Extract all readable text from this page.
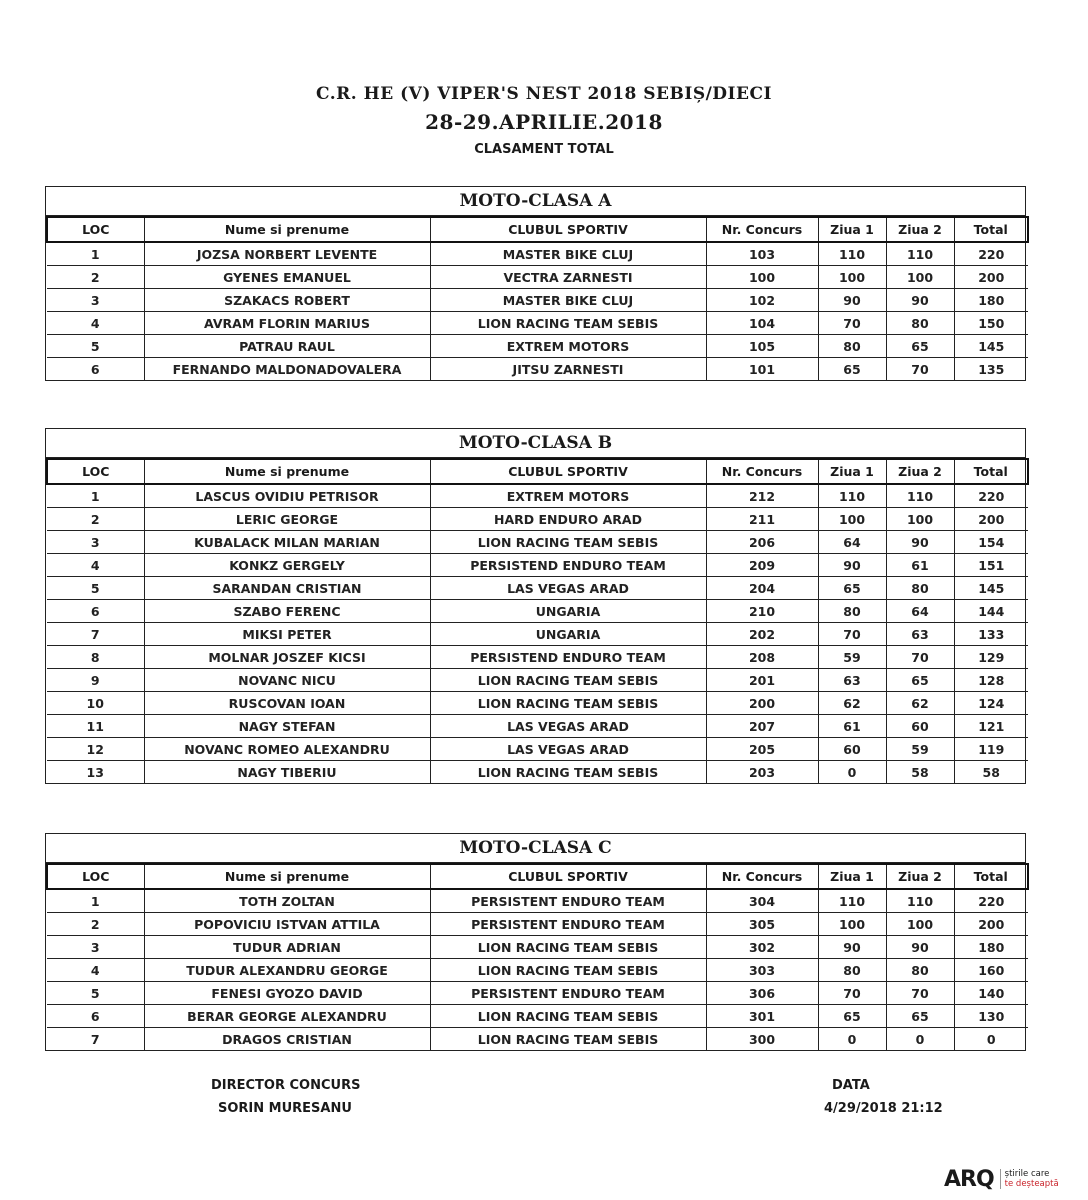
C.R. HE (V) VIPER'S NEST 2018 SEBIȘ/DIECI
28-29.APRILIE.2018
CLASAMENT TOTAL
MOTO-CLASA A
LOC	Nume si prenume	CLUBUL SPORTIV	Nr. Concurs	Ziua 1	Ziua 2	Total
1	JOZSA NORBERT LEVENTE	MASTER BIKE CLUJ	103	110	110	220
2	GYENES EMANUEL	VECTRA ZARNESTI	100	100	100	200
3	SZAKACS ROBERT	MASTER BIKE CLUJ	102	90	90	180
4	AVRAM FLORIN MARIUS	LION RACING TEAM SEBIS	104	70	80	150
5	PATRAU RAUL	EXTREM MOTORS	105	80	65	145
6	FERNANDO MALDONADOVALERA	JITSU ZARNESTI	101	65	70	135
MOTO-CLASA B
LOC	Nume si prenume	CLUBUL SPORTIV	Nr. Concurs	Ziua 1	Ziua 2	Total
1	LASCUS OVIDIU PETRISOR	EXTREM MOTORS	212	110	110	220
2	LERIC GEORGE	HARD ENDURO ARAD	211	100	100	200
3	KUBALACK MILAN MARIAN	LION RACING TEAM SEBIS	206	64	90	154
4	KONKZ GERGELY	PERSISTEND ENDURO TEAM	209	90	61	151
5	SARANDAN CRISTIAN	LAS VEGAS ARAD	204	65	80	145
6	SZABO FERENC	UNGARIA	210	80	64	144
7	MIKSI PETER	UNGARIA	202	70	63	133
8	MOLNAR JOSZEF KICSI	PERSISTEND ENDURO TEAM	208	59	70	129
9	NOVANC NICU	LION RACING TEAM SEBIS	201	63	65	128
10	RUSCOVAN IOAN	LION RACING TEAM SEBIS	200	62	62	124
11	NAGY STEFAN	LAS VEGAS ARAD	207	61	60	121
12	NOVANC ROMEO ALEXANDRU	LAS VEGAS ARAD	205	60	59	119
13	NAGY TIBERIU	LION RACING TEAM SEBIS	203	0	58	58
MOTO-CLASA C
LOC	Nume si prenume	CLUBUL SPORTIV	Nr. Concurs	Ziua 1	Ziua 2	Total
1	TOTH ZOLTAN	PERSISTENT ENDURO TEAM	304	110	110	220
2	POPOVICIU ISTVAN ATTILA	PERSISTENT ENDURO TEAM	305	100	100	200
3	TUDUR ADRIAN	LION RACING TEAM SEBIS	302	90	90	180
4	TUDUR ALEXANDRU GEORGE	LION RACING TEAM SEBIS	303	80	80	160
5	FENESI GYOZO DAVID	PERSISTENT ENDURO TEAM	306	70	70	140
6	BERAR GEORGE ALEXANDRU	LION RACING TEAM SEBIS	301	65	65	130
7	DRAGOS CRISTIAN	LION RACING TEAM SEBIS	300	0	0	0
DIRECTOR CONCURS
SORIN MURESANU
DATA
4/29/2018 21:12
ARQ	știrile care
te deșteaptă
